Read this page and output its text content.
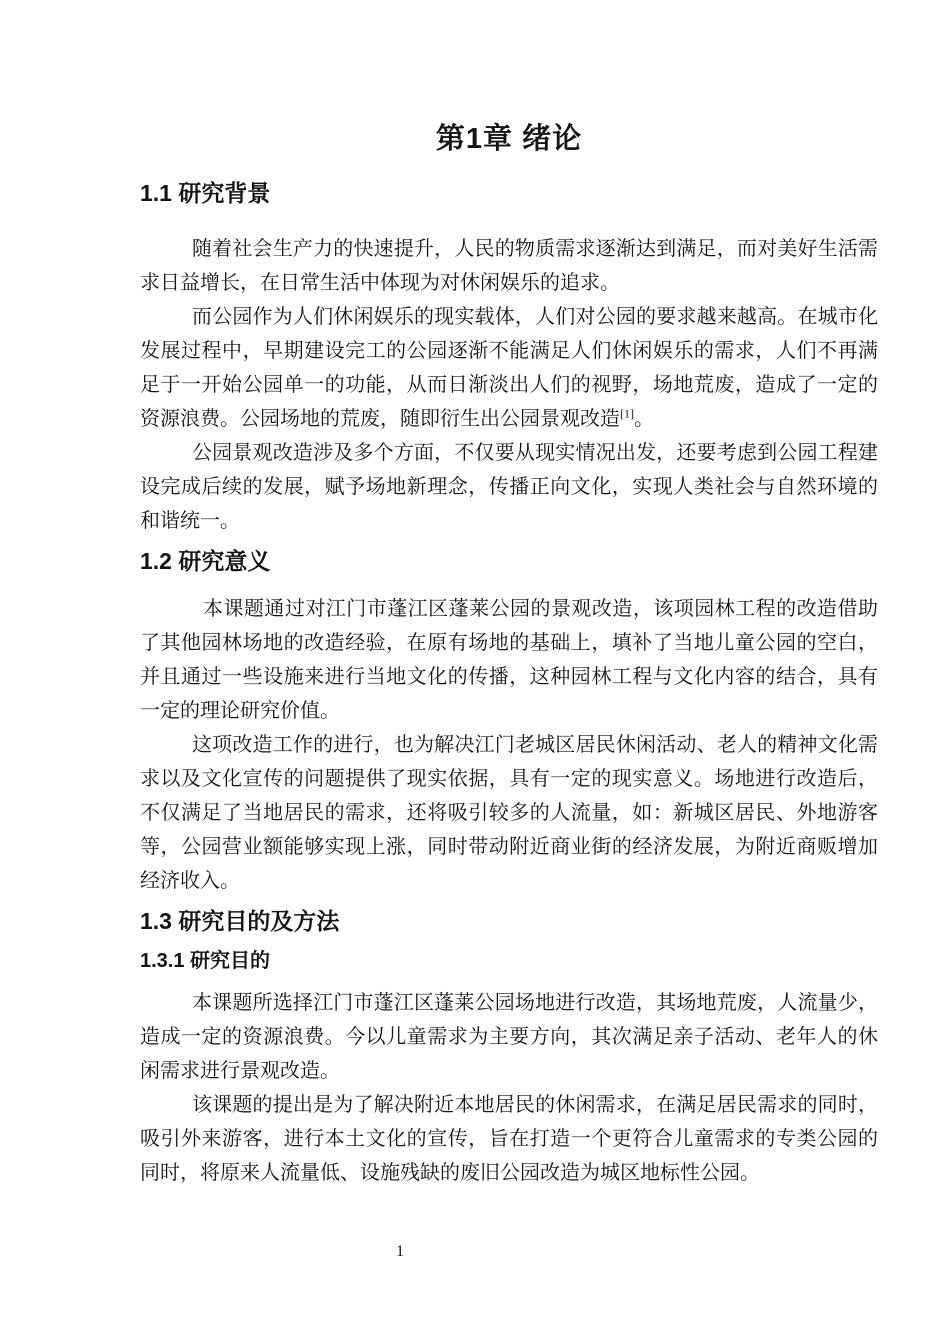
第1章 绪论
1.1 研究背景

随着社会生产力的快速提升，人民的物质需求逐渐达到满足，而对美好生活需求日益增长，在日常生活中体现为对休闲娱乐的追求。

而公园作为人们休闲娱乐的现实载体，人们对公园的要求越来越高。在城市化发展过程中，早期建设完工的公园逐渐不能满足人们休闲娱乐的需求，人们不再满足于一开始公园单一的功能，从而日渐淡出人们的视野，场地荒废，造成了一定的资源浪费。公园场地的荒废，随即衍生出公园景观改造[1]。

公园景观改造涉及多个方面，不仅要从现实情况出发，还要考虑到公园工程建设完成后续的发展，赋予场地新理念，传播正向文化，实现人类社会与自然环境的和谐统一。

1.2 研究意义

本课题通过对江门市蓬江区蓬莱公园的景观改造，该项园林工程的改造借助了其他园林场地的改造经验，在原有场地的基础上，填补了当地儿童公园的空白，并且通过一些设施来进行当地文化的传播，这种园林工程与文化内容的结合，具有一定的理论研究价值。

这项改造工作的进行，也为解决江门老城区居民休闲活动、老人的精神文化需求以及文化宣传的问题提供了现实依据，具有一定的现实意义。场地进行改造后，不仅满足了当地居民的需求，还将吸引较多的人流量，如：新城区居民、外地游客等，公园营业额能够实现上涨，同时带动附近商业街的经济发展，为附近商贩增加经济收入。

1.3 研究目的及方法
1.3.1 研究目的

本课题所选择江门市蓬江区蓬莱公园场地进行改造，其场地荒废，人流量少，造成一定的资源浪费。今以儿童需求为主要方向，其次满足亲子活动、老年人的休闲需求进行景观改造。

该课题的提出是为了解决附近本地居民的休闲需求，在满足居民需求的同时，吸引外来游客，进行本土文化的宣传，旨在打造一个更符合儿童需求的专类公园的同时，将原来人流量低、设施残缺的废旧公园改造为城区地标性公园。

1
